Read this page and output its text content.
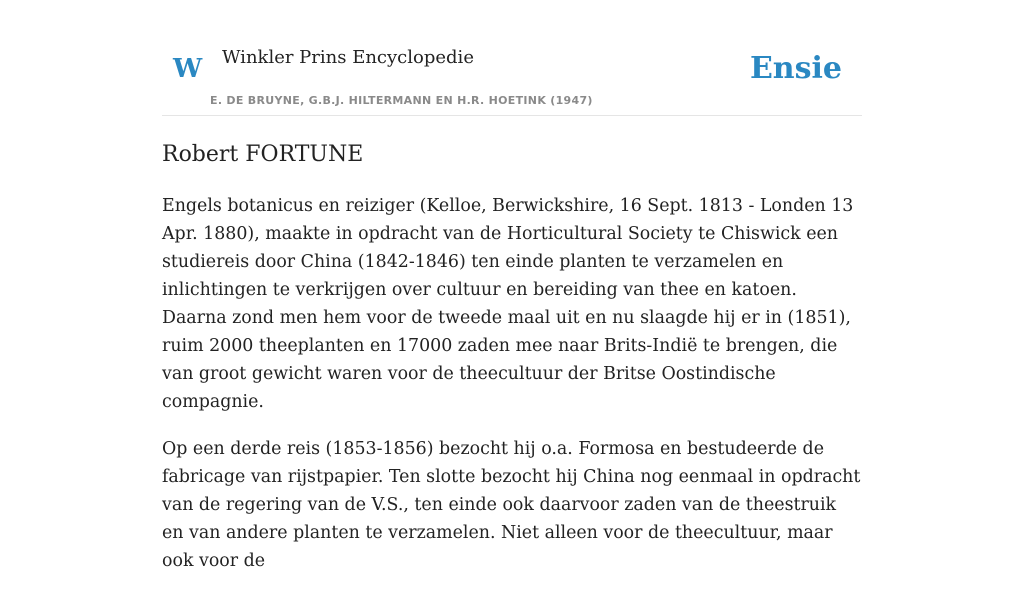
W Winkler Prins Encyclopedie
E. DE BRUYNE, G.B.J. HILTERMANN EN H.R. HOETINK (1947)
Ensie
Robert FORTUNE

Engels botanicus en reiziger (Kelloe, Berwickshire, 16 Sept. 1813 - Londen 13 Apr. 1880), maakte in opdracht van de Horticultural Society te Chiswick een studiereis door China (1842-1846) ten einde planten te verzamelen en inlichtingen te verkrijgen over cultuur en bereiding van thee en katoen. Daarna zond men hem voor de tweede maal uit en nu slaagde hij er in (1851), ruim 2000 theeplanten en 17000 zaden mee naar Brits-Indië te brengen, die van groot gewicht waren voor de theecultuur der Britse Oostindische compagnie.

Op een derde reis (1853-1856) bezocht hij o.a. Formosa en bestudeerde de fabricage van rijstpapier. Ten slotte bezocht hij China nog eenmaal in opdracht van de regering van de V.S., ten einde ook daarvoor zaden van de theestruik en van andere planten te verzamelen. Niet alleen voor de theecultuur, maar ook voor de
